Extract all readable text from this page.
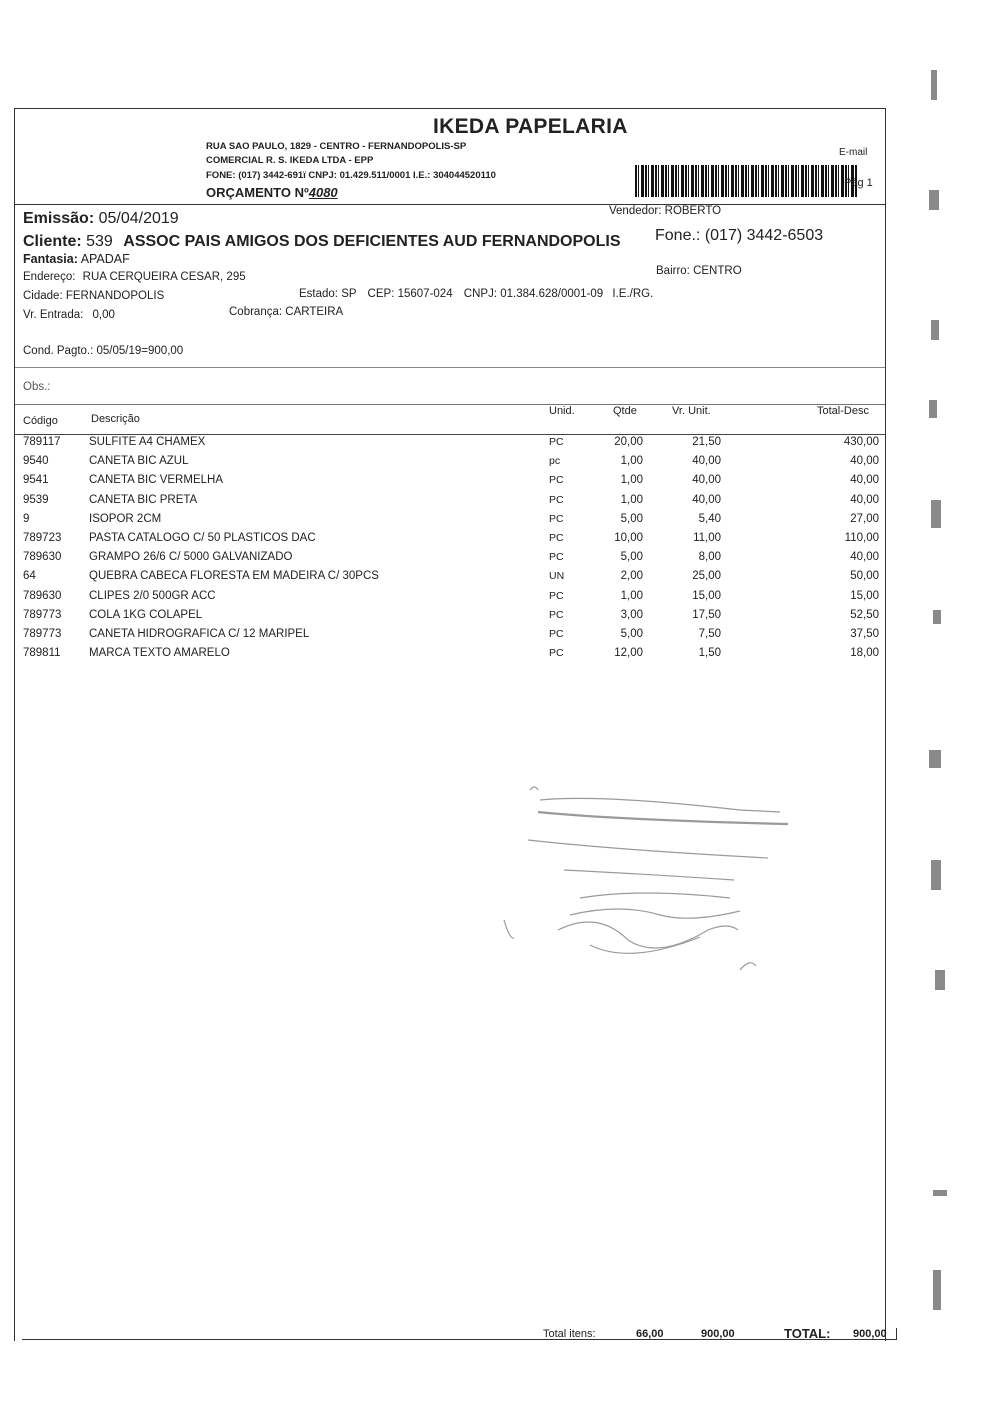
IKEDA PAPELARIA
RUA SAO PAULO, 1829 - CENTRO - FERNANDOPOLIS-SP
COMERCIAL R. S. IKEDA LTDA - EPP
FONE: (017) 3442-691ï CNPJ: 01.429.511/0001 I.E.: 304044520110
ORÇAMENTO Nº4080
E-mail
Pág 1
Emissão: 05/04/2019	Vendedor: ROBERTO
Cliente: 539 ASSOC PAIS AMIGOS DOS DEFICIENTES AUD FERNANDOPOLIS Fone.: (017) 3442-6503
Fantasia: APADAF
Endereço: RUA CERQUEIRA CESAR, 295	Bairro: CENTRO
Cidade: FERNANDOPOLIS	Estado: SP CEP: 15607-024 CNPJ: 01.384.628/0001-09 I.E./RG.
Vr. Entrada: 0,00	Cobrança: CARTEIRA
Cond. Pagto.: 05/05/19=900,00
Obs.:
Código	Descrição
Unid.	Qtde	Vr. Unit.	Total-Desc
789117 SULFITE A4 CHAMEX	PC	20,00	21,50	430,00
9540	CANETA BIC AZUL	pc	1,00	40,00	40,00
9541	CANETA BIC VERMELHA	PC	1,00	40,00	40,00
9539	CANETA BIC PRETA	PC	1,00	40,00	40,00
9	ISOPOR 2CM	PC	5,00	5,40	27,00
789723 PASTA CATALOGO C/ 50 PLASTICOS DAC	PC	10,00	11,00	110,00
789630 GRAMPO 26/6 C/ 5000 GALVANIZADO	PC	5,00	8,00	40,00
64	QUEBRA CABECA FLORESTA EM MADEIRA C/ 30PCS	UN	2,00	25,00	50,00
789630 CLIPES 2/0 500GR ACC	PC	1,00	15,00	15,00
789773 COLA 1KG COLAPEL	PC	3,00	17,50	52,50
789773 CANETA HIDROGRAFICA C/ 12 MARIPEL	PC	5,00	7,50	37,50
789811 MARCA TEXTO AMARELO	PC	12,00	1,50	18,00
Total itens:	66,00	900,00	TOTAL: 900,00
